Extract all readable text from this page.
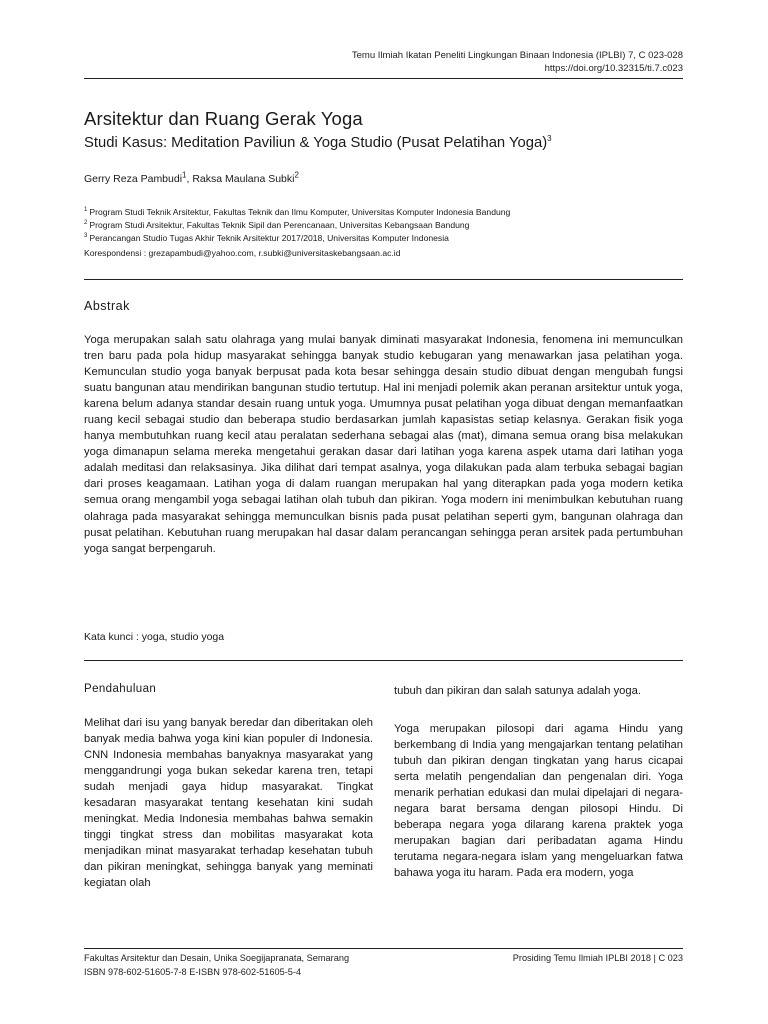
Temu Ilmiah Ikatan Peneliti Lingkungan Binaan Indonesia (IPLBI) 7, C 023-028
https://doi.org/10.32315/ti.7.c023
Arsitektur dan Ruang Gerak Yoga
Studi Kasus: Meditation Paviliun & Yoga Studio (Pusat Pelatihan Yoga)$^3$
Gerry Reza Pambudi$^1$, Raksa Maulana Subki$^2$
$^1$ Program Studi Teknik Arsitektur, Fakultas Teknik dan Ilmu Komputer, Universitas Komputer Indonesia Bandung
$^2$ Program Studi Arsitektur, Fakultas Teknik Sipil dan Perencanaan, Universitas Kebangsaan Bandung
$^3$ Perancangan Studio Tugas Akhir Teknik Arsitektur 2017/2018, Universitas Komputer Indonesia
Korespondensi : grezapambudi@yahoo.com, r.subki@universitaskebangsaan.ac.id
Abstrak
Yoga merupakan salah satu olahraga yang mulai banyak diminati masyarakat Indonesia, fenomena ini memunculkan tren baru pada pola hidup masyarakat sehingga banyak studio kebugaran yang menawarkan jasa pelatihan yoga. Kemunculan studio yoga banyak berpusat pada kota besar sehingga desain studio dibuat dengan mengubah fungsi suatu bangunan atau mendirikan bangunan studio tertutup. Hal ini menjadi polemik akan peranan arsitektur untuk yoga, karena belum adanya standar desain ruang untuk yoga. Umumnya pusat pelatihan yoga dibuat dengan memanfaatkan ruang kecil sebagai studio dan beberapa studio berdasarkan jumlah kapasistas setiap kelasnya. Gerakan fisik yoga hanya membutuhkan ruang kecil atau peralatan sederhana sebagai alas (mat), dimana semua orang bisa melakukan yoga dimanapun selama mereka mengetahui gerakan dasar dari latihan yoga karena aspek utama dari latihan yoga adalah meditasi dan relaksasinya. Jika dilihat dari tempat asalnya, yoga dilakukan pada alam terbuka sebagai bagian dari proses keagamaan. Latihan yoga di dalam ruangan merupakan hal yang diterapkan pada yoga modern ketika semua orang mengambil yoga sebagai latihan olah tubuh dan pikiran. Yoga modern ini menimbulkan kebutuhan ruang olahraga pada masyarakat sehingga memunculkan bisnis pada pusat pelatihan seperti gym, bangunan olahraga dan pusat pelatihan. Kebutuhan ruang merupakan hal dasar dalam perancangan sehingga peran arsitek pada pertumbuhan yoga sangat berpengaruh.
Kata kunci : yoga, studio yoga
Pendahuluan

Melihat dari isu yang banyak beredar dan diberitakan oleh banyak media bahwa yoga kini kian populer di Indonesia. CNN Indonesia membahas banyaknya masyarakat yang menggandrungi yoga bukan sekedar karena tren, tetapi sudah menjadi gaya hidup masyarakat. Tingkat kesadaran masyarakat tentang kesehatan kini sudah meningkat. Media Indonesia membahas bahwa semakin tinggi tingkat stress dan mobilitas masyarakat kota menjadikan minat masyarakat terhadap kesehatan tubuh dan pikiran meningkat, sehingga banyak yang meminati kegiatan olah

tubuh dan pikiran dan salah satunya adalah yoga.

Yoga merupakan pilosopi dari agama Hindu yang berkembang di India yang mengajarkan tentang pelatihan tubuh dan pikiran dengan tingkatan yang harus cicapai serta melatih pengendalian dan pengenalan diri. Yoga menarik perhatian edukasi dan mulai dipelajari di negara-negara barat bersama dengan pilosopi Hindu. Di beberapa negara yoga dilarang karena praktek yoga merupakan bagian dari peribadatan agama Hindu terutama negara-negara islam yang mengeluarkan fatwa bahawa yoga itu haram. Pada era modern, yoga

Fakultas Arsitektur dan Desain, Unika Soegijapranata, Semarang
ISBN 978-602-51605-7-8 E-ISBN 978-602-51605-5-4
Prosiding Temu Ilmiah IPLBI 2018 | C 023
